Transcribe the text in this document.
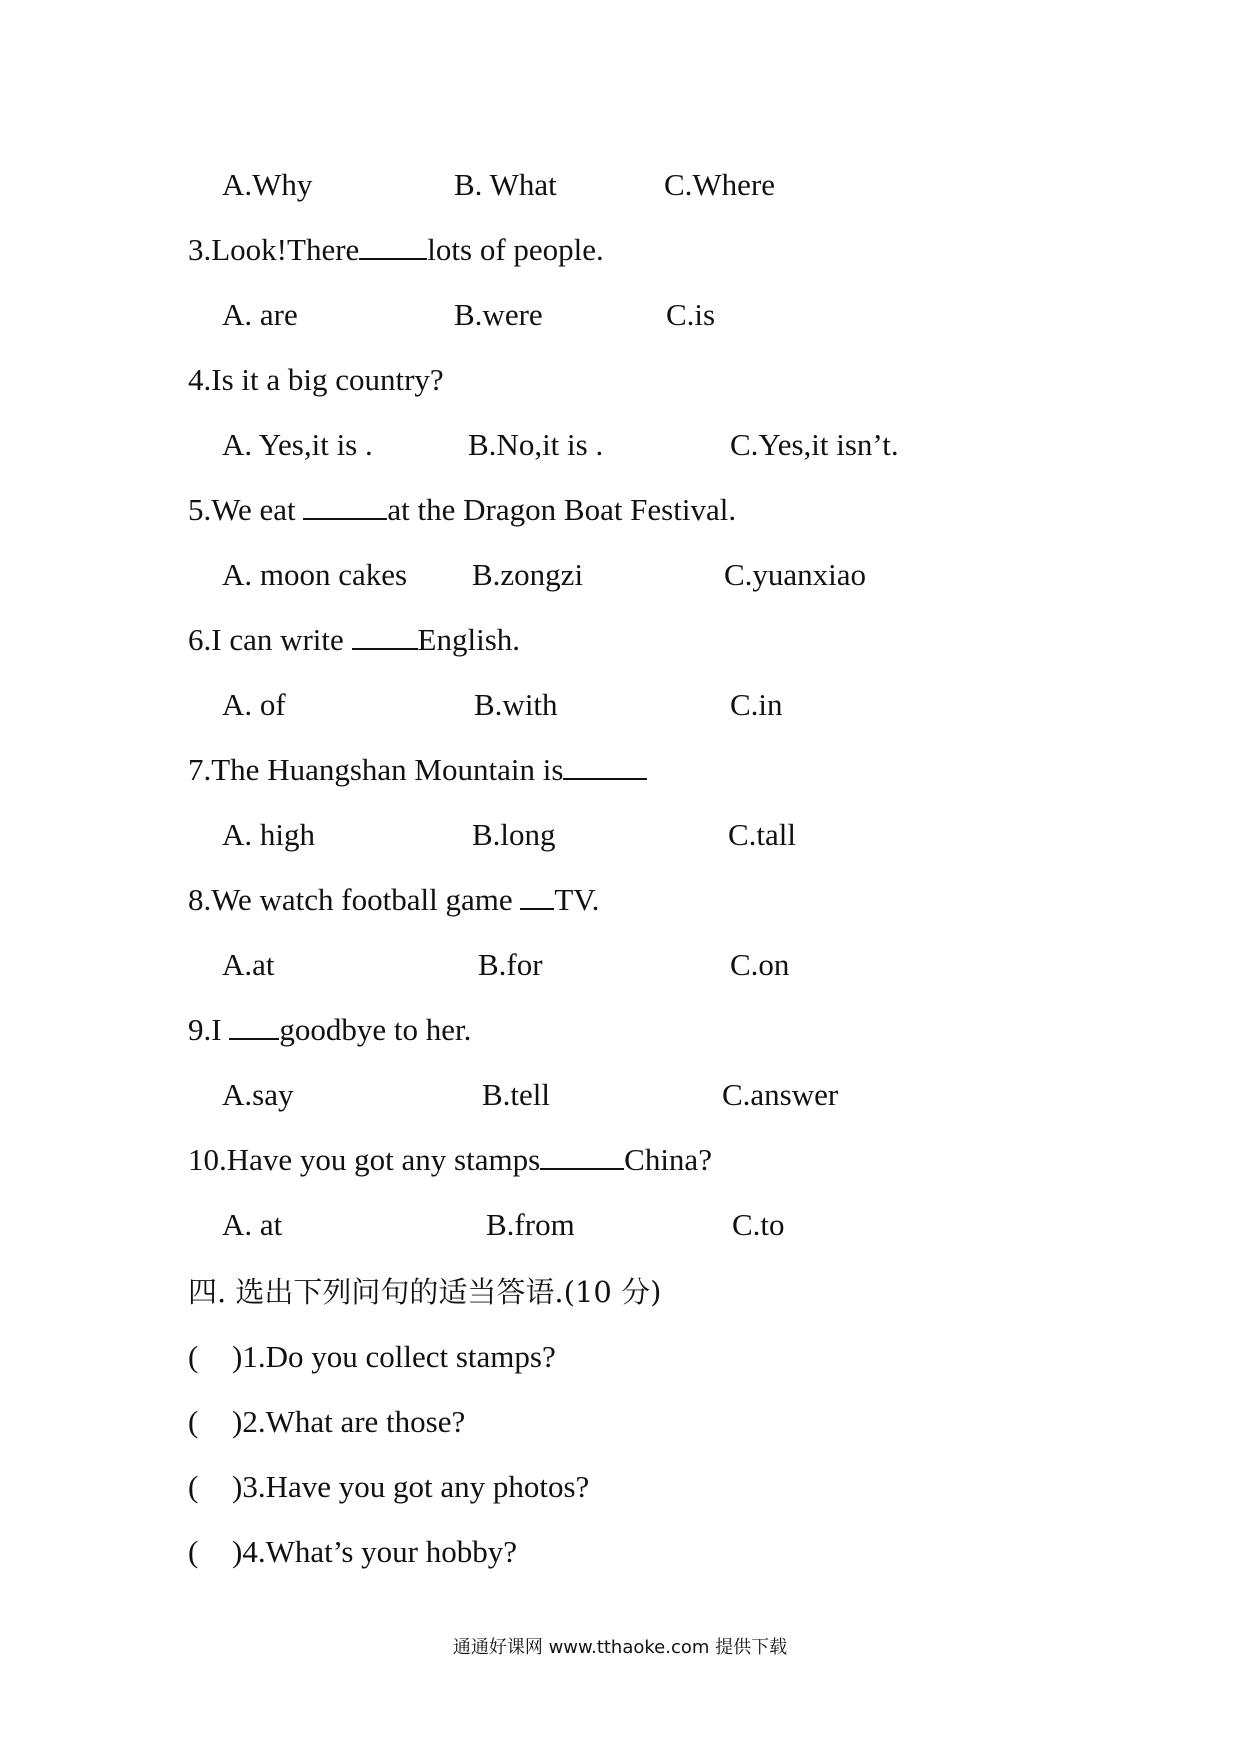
A.Why	B. What	C.Where
3.Look!There lots of people.
A. are	B.were	C.is
4.Is it a big country?
A. Yes,it is .	B.No,it is .	C.Yes,it isn’t.
5.We eat	at the Dragon Boat Festival.
A. moon cakes B.zongzi	C.yuanxiao
6.I can write English.
A. of	B.with	C.in
7.The Huangshan Mountain is
A. high	B.long	C.tall
8.We watch football game TV.
A.at	B.for	C.on
9.I goodbye to her.
A.say	B.tell	C.answer
10.Have you got any stamps	China?
A. at	B.from	C.to
四. 选出下列问句的适当答语.(10 分)
( )1.Do you collect stamps?
( )2.What are those?
( )3.Have you got any photos?
( )4.What’s your hobby?
通通好课网 www.tthaoke.com 提供下载
